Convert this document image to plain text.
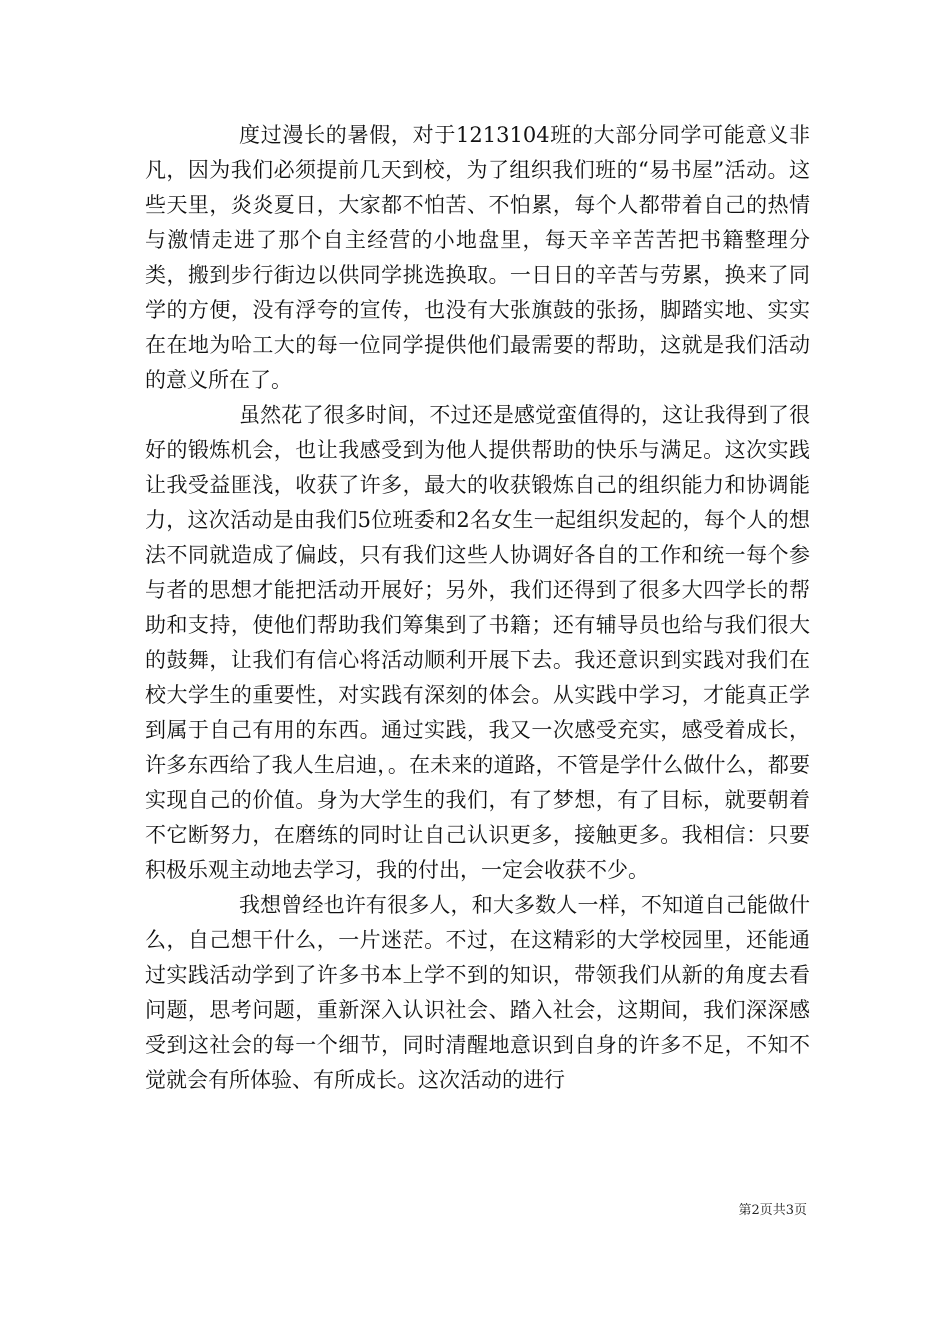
度过漫长的暑假，对于1213104班的大部分同学可能意义非凡，因为我们必须提前几天到校，为了组织我们班的“易书屋”活动。这些天里，炎炎夏日，大家都不怕苦、不怕累，每个人都带着自己的热情与激情走进了那个自主经营的小地盘里，每天辛辛苦苦把书籍整理分类，搬到步行街边以供同学挑选换取。一日日的辛苦与劳累，换来了同学的方便，没有浮夸的宣传，也没有大张旗鼓的张扬，脚踏实地、实实在在地为哈工大的每一位同学提供他们最需要的帮助，这就是我们活动的意义所在了。

虽然花了很多时间，不过还是感觉蛮值得的，这让我得到了很好的锻炼机会，也让我感受到为他人提供帮助的快乐与满足。这次实践让我受益匪浅，收获了许多，最大的收获锻炼自己的组织能力和协调能力，这次活动是由我们5位班委和2名女生一起组织发起的，每个人的想法不同就造成了偏歧，只有我们这些人协调好各自的工作和统一每个参与者的思想才能把活动开展好；另外，我们还得到了很多大四学长的帮助和支持，使他们帮助我们筹集到了书籍；还有辅导员也给与我们很大的鼓舞，让我们有信心将活动顺利开展下去。我还意识到实践对我们在校大学生的重要性，对实践有深刻的体会。从实践中学习，才能真正学到属于自己有用的东西。通过实践，我又一次感受充实，感受着成长，许多东西给了我人生启迪，。在未来的道路，不管是学什么做什么，都要实现自己的价值。身为大学生的我们，有了梦想，有了目标，就要朝着不它断努力，在磨练的同时让自己认识更多，接触更多。我相信：只要积极乐观主动地去学习，我的付出，一定会收获不少。

我想曾经也许有很多人，和大多数人一样，不知道自己能做什么，自己想干什么，一片迷茫。不过，在这精彩的大学校园里，还能通过实践活动学到了许多书本上学不到的知识，带领我们从新的角度去看问题，思考问题，重新深入认识社会、踏入社会，这期间，我们深深感受到这社会的每一个细节，同时清醒地意识到自身的许多不足，不知不觉就会有所体验、有所成长。这次活动的进行

第2页共3页
